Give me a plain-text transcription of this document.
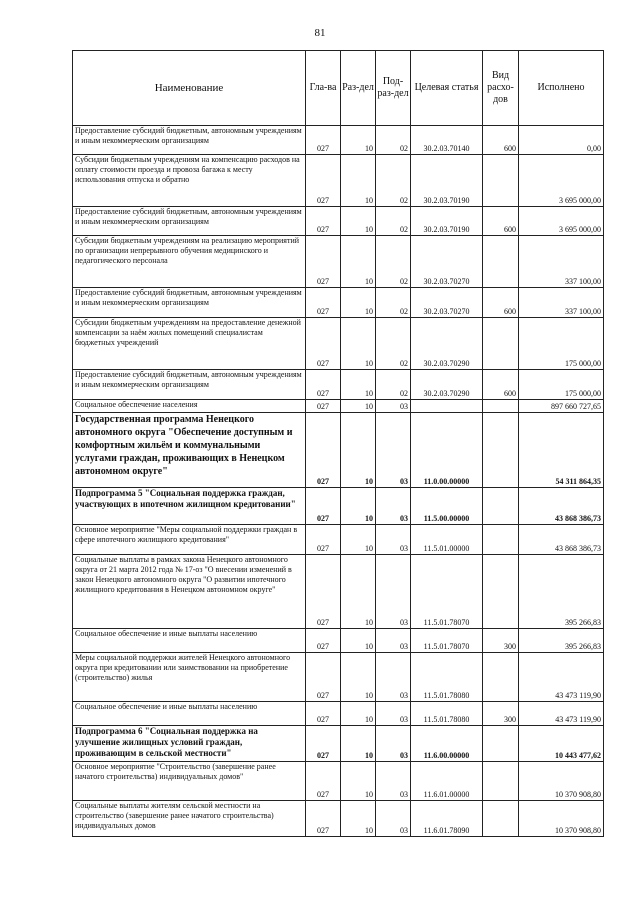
81
Наименование	Гла-ва	Раз-дел	Под-раз-дел	Целевая статья	Вид расхо-дов	Исполнено
Предоставление субсидий бюджетным, автономным учреждениям и иным некоммерческим организациям	027	10	02	30.2.03.70140	600	0,00
Субсидии бюджетным учреждениям на компенсацию расходов на оплату стоимости проезда и провоза багажа к месту использования отпуска и обратно	027	10	02	30.2.03.70190		3 695 000,00
Предоставление субсидий бюджетным, автономным учреждениям и иным некоммерческим организациям	027	10	02	30.2.03.70190	600	3 695 000,00
Субсидии бюджетным учреждениям на реализацию мероприятий по организации непрерывного обучения медицинского и педагогического персонала	027	10	02	30.2.03.70270		337 100,00
Предоставление субсидий бюджетным, автономным учреждениям и иным некоммерческим организациям	027	10	02	30.2.03.70270	600	337 100,00
Субсидии бюджетным учреждениям на предоставление денежной компенсации за наём жилых помещений специалистам бюджетных учреждений	027	10	02	30.2.03.70290		175 000,00
Предоставление субсидий бюджетным, автономным учреждениям и иным некоммерческим организациям	027	10	02	30.2.03.70290	600	175 000,00
Социальное обеспечение населения	027	10	03			897 660 727,65
Государственная программа Ненецкого автономного округа "Обеспечение доступным и комфортным жильём и коммунальными услугами граждан, проживающих в Ненецком автономном округе"	027	10	03	11.0.00.00000		54 311 864,35
Подпрограмма 5 "Социальная поддержка граждан, участвующих в ипотечном жилищном кредитовании"	027	10	03	11.5.00.00000		43 868 386,73
Основное мероприятие "Меры социальной поддержки граждан в сфере ипотечного жилищного кредитования"	027	10	03	11.5.01.00000		43 868 386,73
Социальные выплаты в рамках закона Ненецкого автономного округа от 21 марта 2012 года № 17-оз "О внесении изменений в закон Ненецкого автономного округа "О развитии ипотечного жилищного кредитования в Ненецком автономном округе"	027	10	03	11.5.01.78070		395 266,83
Социальное обеспечение и иные выплаты населению	027	10	03	11.5.01.78070	300	395 266,83
Меры социальной поддержки жителей Ненецкого автономного округа при кредитовании или заимствовании на приобретение (строительство) жилья	027	10	03	11.5.01.78080		43 473 119,90
Социальное обеспечение и иные выплаты населению	027	10	03	11.5.01.78080	300	43 473 119,90
Подпрограмма 6 "Социальная поддержка на улучшение жилищных условий граждан, проживающим в сельской местности"	027	10	03	11.6.00.00000		10 443 477,62
Основное мероприятие "Строительство (завершение ранее начатого строительства) индивидуальных домов"	027	10	03	11.6.01.00000		10 370 908,80
Социальные выплаты жителям сельской местности на строительство (завершение ранее начатого строительства) индивидуальных домов	027	10	03	11.6.01.78090		10 370 908,80
